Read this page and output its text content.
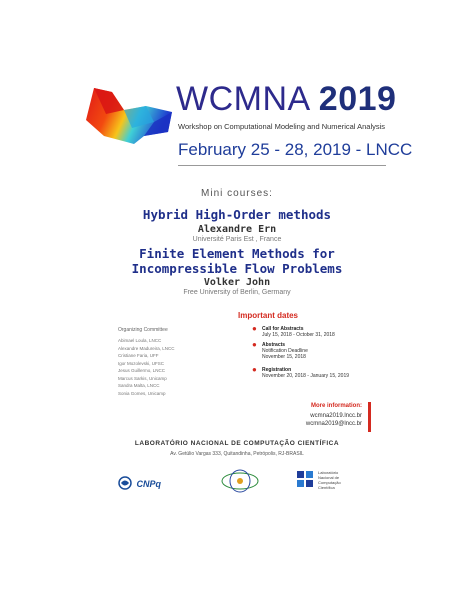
WCMNA 2019
Workshop on Computational Modeling and Numerical Analysis
February 25 - 28, 2019 - LNCC
Mini courses:
Hybrid High-Order methods
Alexandre Ern
Université Paris Est , France
Finite Element Methods for
Incompressible Flow Problems
Volker John
Free University of Berlin, Germany
Important dates
● Call for Abstracts
July 15, 2018 - October 31, 2018
● Abstracts
Notification Deadline
November 15, 2018
● Registration
November 20, 2018 - January 15, 2019
Organizing Committee
Abimael Loula, LNCC
Alexandre Madureira, LNCC
Cristiane Faria, UFF
Igor Mozolevski, UFSC
Jesus Guillermo, LNCC
Marcus Sarkis, Unicamp
Sandra Malta, LNCC
Sonia Gomes, Unicamp
More information:
wcmna2019.lncc.br
wcmna2019@lncc.br
LABORATÓRIO NACIONAL DE COMPUTAÇÃO CIENTÍFICA
Av. Getúlio Vargas 333, Quitandinha, Petrópolis, RJ-BRASIL
CNPq
Laboratório
Nacional de
Computação
Científica
